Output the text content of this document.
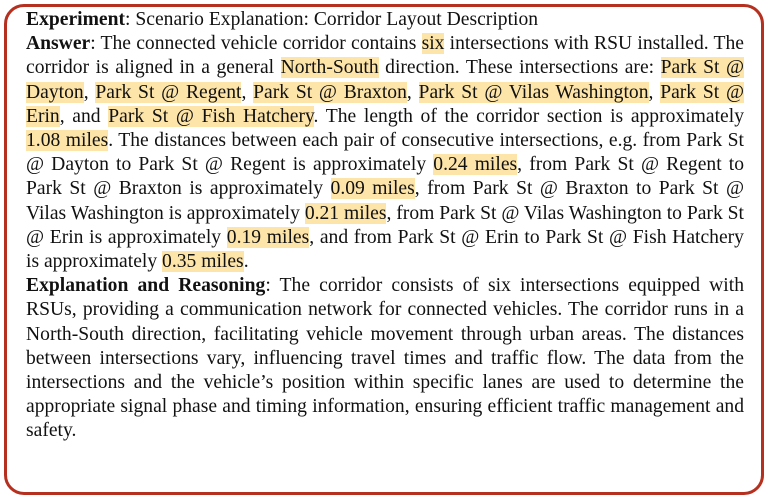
Experiment: Scenario Explanation: Corridor Layout Description

Answer: The connected vehicle corridor contains six intersections with RSU installed. The corridor is aligned in a general North-South direction. These intersections are: Park St @ Dayton, Park St @ Regent, Park St @ Braxton, Park St @ Vilas Washington, Park St @ Erin, and Park St @ Fish Hatchery. The length of the corridor section is approximately 1.08 miles. The distances between each pair of consecutive intersections, e.g. from Park St @ Dayton to Park St @ Regent is approximately 0.24 miles, from Park St @ Regent to Park St @ Braxton is approximately 0.09 miles, from Park St @ Braxton to Park St @ Vilas Washington is approximately 0.21 miles, from Park St @ Vilas Washington to Park St @ Erin is approximately 0.19 miles, and from Park St @ Erin to Park St @ Fish Hatchery is approximately 0.35 miles.

Explanation and Reasoning: The corridor consists of six intersections equipped with RSUs, providing a communication network for connected vehicles. The corridor runs in a North-South direction, facilitating vehicle movement through urban areas. The distances between intersections vary, influencing travel times and traffic flow. The data from the intersections and the vehicle’s position within specific lanes are used to determine the appropriate signal phase and timing information, ensuring efficient traffic management and safety.
